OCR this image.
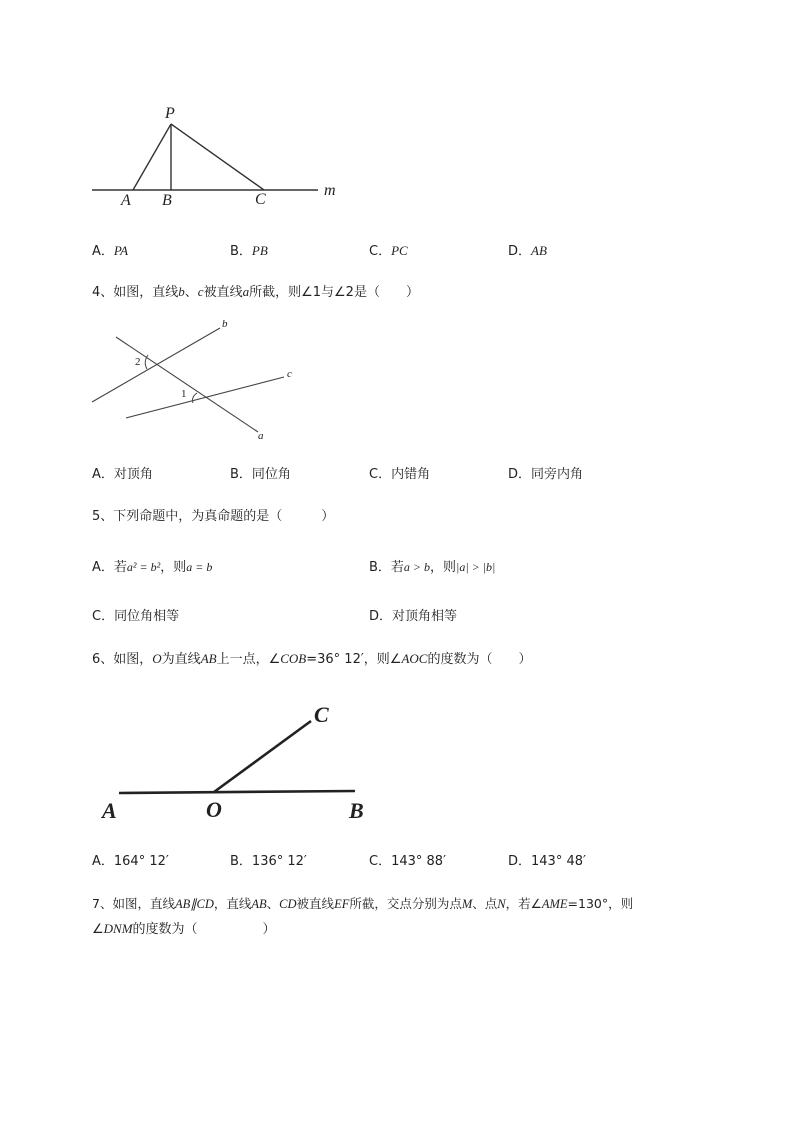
P
A B	C
m
A．PA	B．PB	C．PC	D．AB
4、如图，直线b、c被直线a所截，则∠1与∠2是（　　）
b
c
a
2
1
A．对顶角	B．同位角	C．内错角	D．同旁内角
5、下列命题中，为真命题的是（　　　）
A．若a² = b²，则a = b	B．若a > b，则|a| > |b|
C．同位角相等	D．对顶角相等
6、如图，O为直线AB上一点，∠COB=36° 12′，则∠AOC的度数为（　　）
A	O	B
C
A．164° 12′	B．136° 12′	C．143° 88′	D．143° 48′
7、如图，直线AB∥CD，直线AB、CD被直线EF所截，交点分别为点M、点N，若∠AME=130°，则
∠DNM的度数为（　　　　　）
